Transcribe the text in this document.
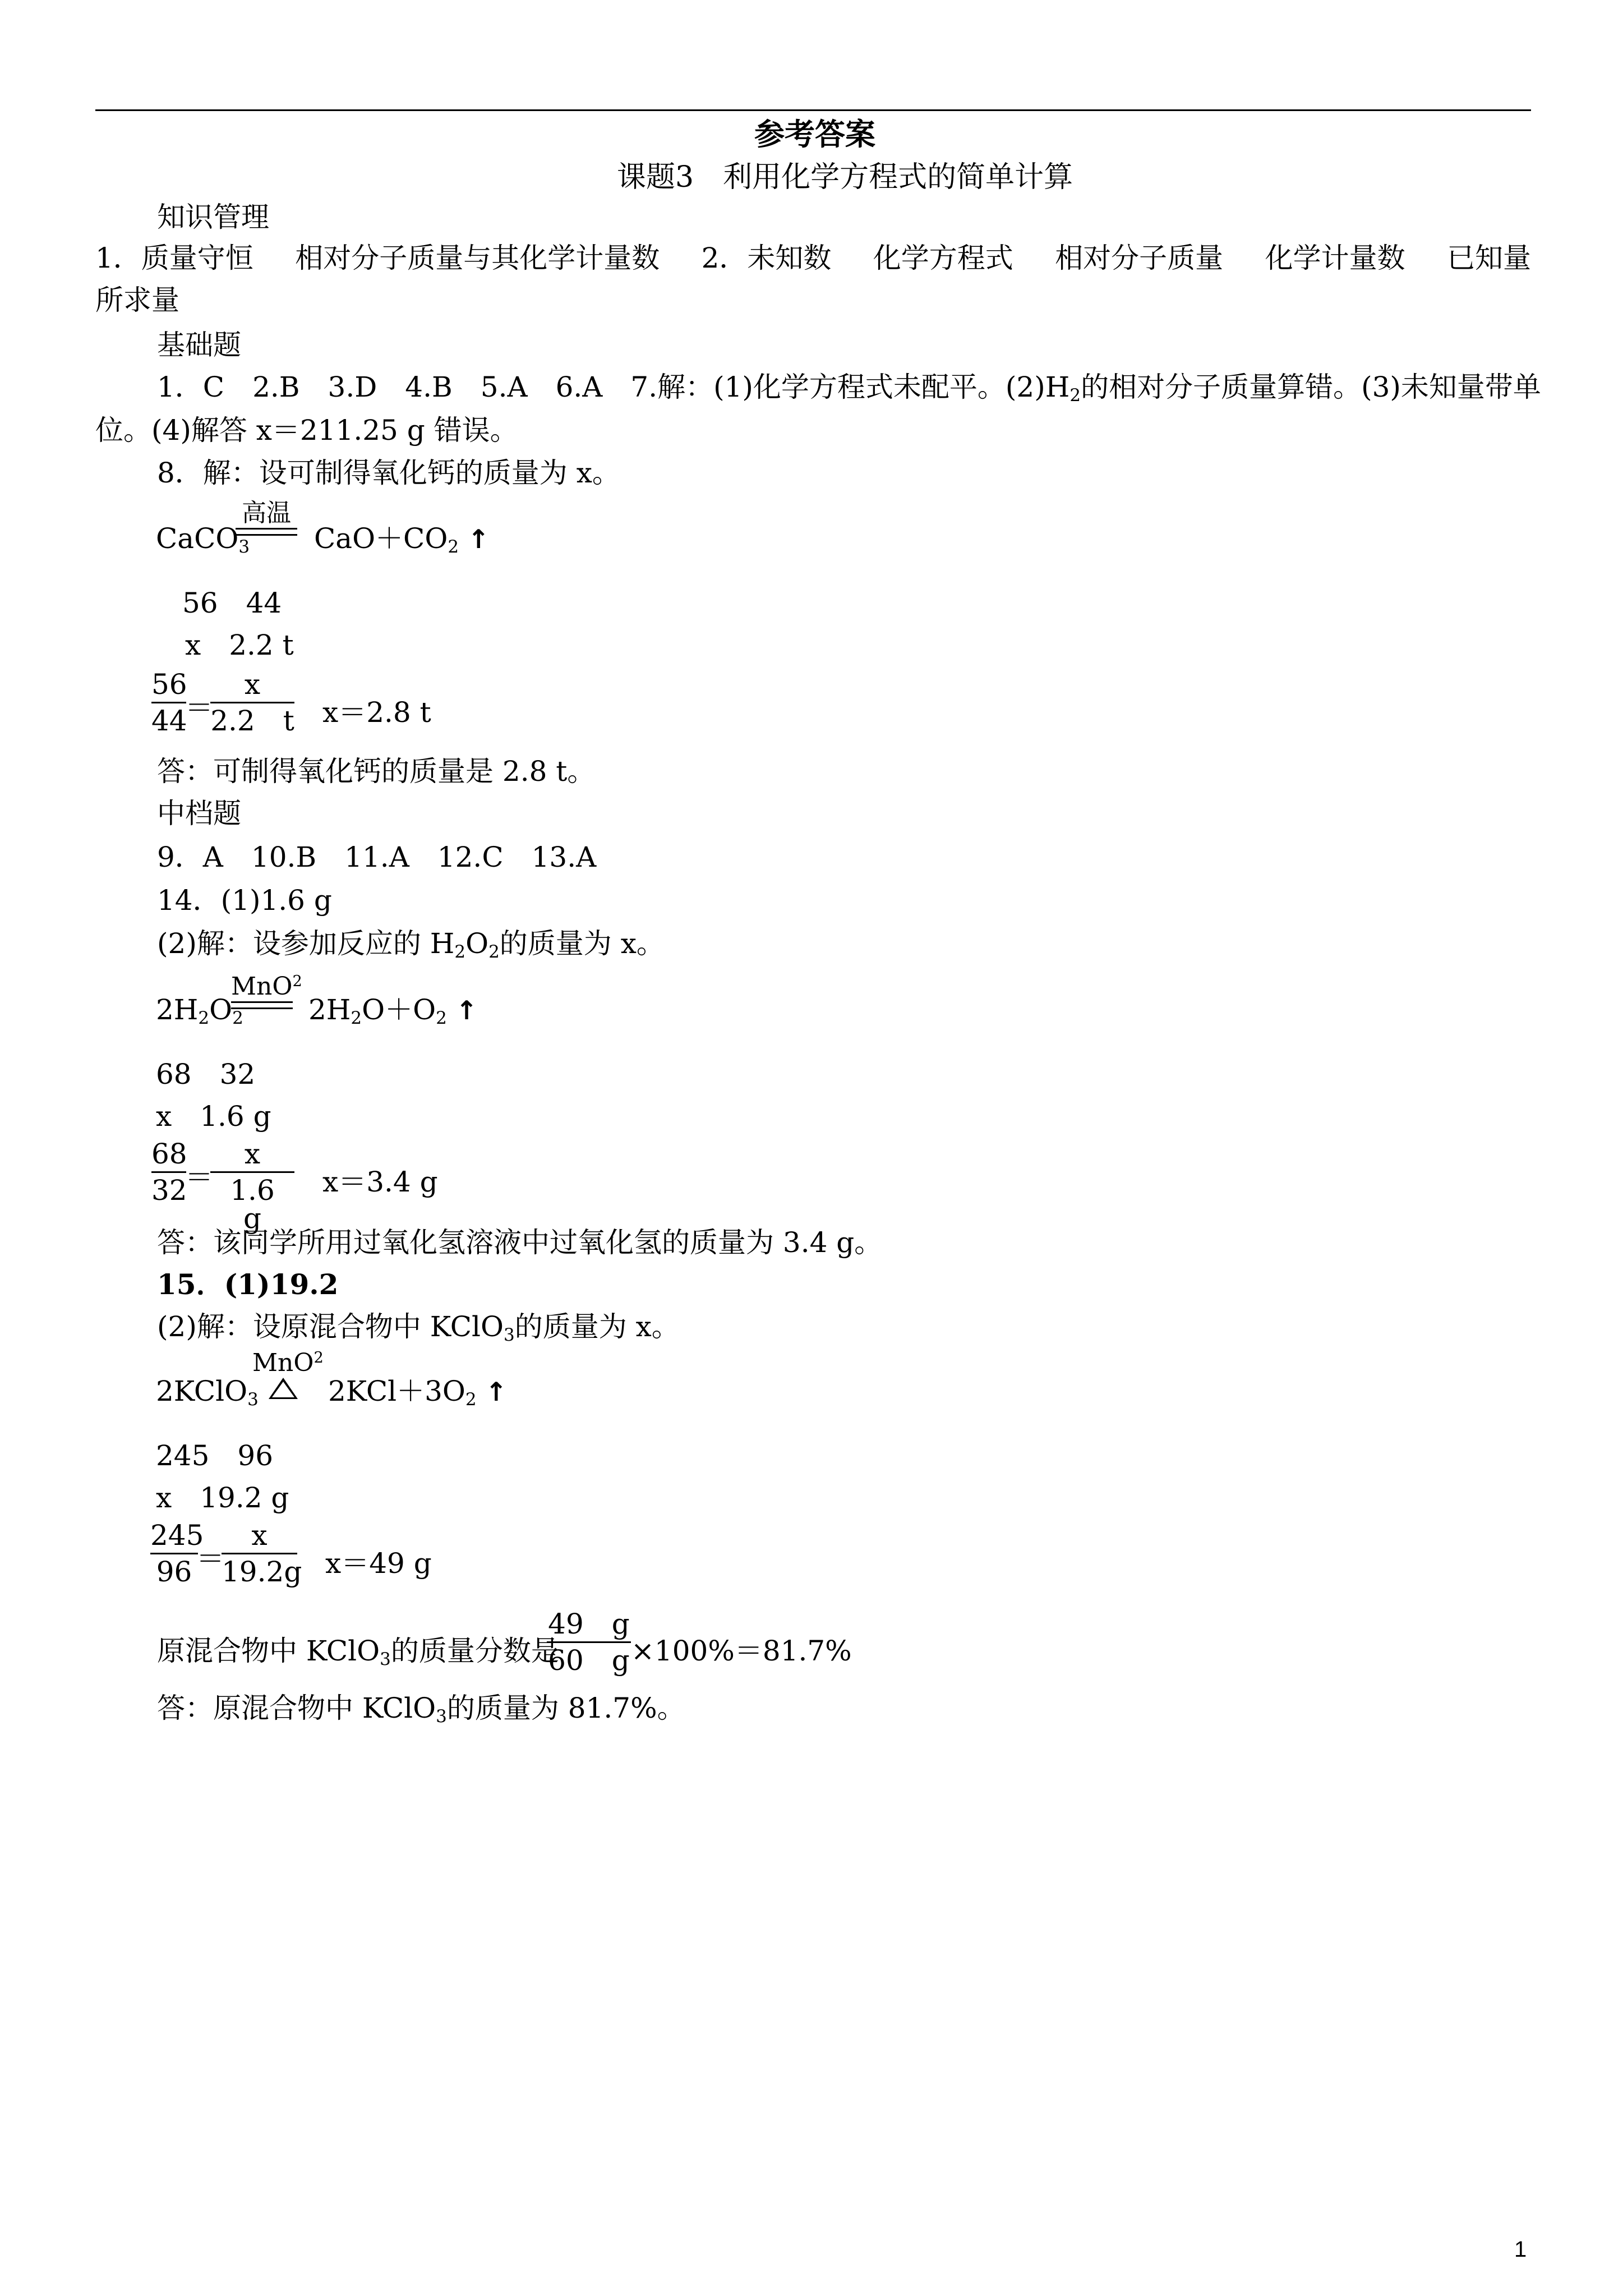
参考答案
课题3　利用化学方程式的简单计算
知识管理
1．质量守恒 相对分子质量与其化学计量数 2．未知数 化学方程式 相对分子质量 化学计量数 已知量
所求量
基础题
1．C　2.B　3.D　4.B　5.A　6.A　7.解：(1)化学方程式未配平。$(2)H_2$的相对分子质量算错。(3)未知量带单
位。(4)解答 x＝211.25 g 错误。
8．解：设可制得氧化钙的质量为 x。
CaCO$_3$
高温
$CaO+CO_2$ ↑
56　44
x　2.2 t
56
44
＝
x
2.2　t x＝2.8 t
答：可制得氧化钙的质量是 2.8 t。
中档题
9．A　10.B　11.A　12.C　13.A
14．(1)1.6 g
(2)解：设参加反应的 $H_2O_2$的质量为 x。
$2H_2O_2$
MnO$^2$
$2H_2O+O_2$ ↑
68　32
x　1.6 g
68
32
＝
x
1.6　g
x＝3.4 g
答：该同学所用过氧化氢溶液中过氧化氢的质量为 3.4 g。
15．(1)19.2
(2)解：设原混合物中 KClO$_3$的质量为 x。
2KClO$_3$
MnO$^2$
$2KCl+3O_2$ ↑
245　96
x　19.2 g
245
96 ＝
x
19.2g x＝49 g
原混合物中 KClO$_3$的质量分数是
49　g
60　g ×100%＝81.7%
答：原混合物中 KClO$_3$的质量为 81.7%。
1
